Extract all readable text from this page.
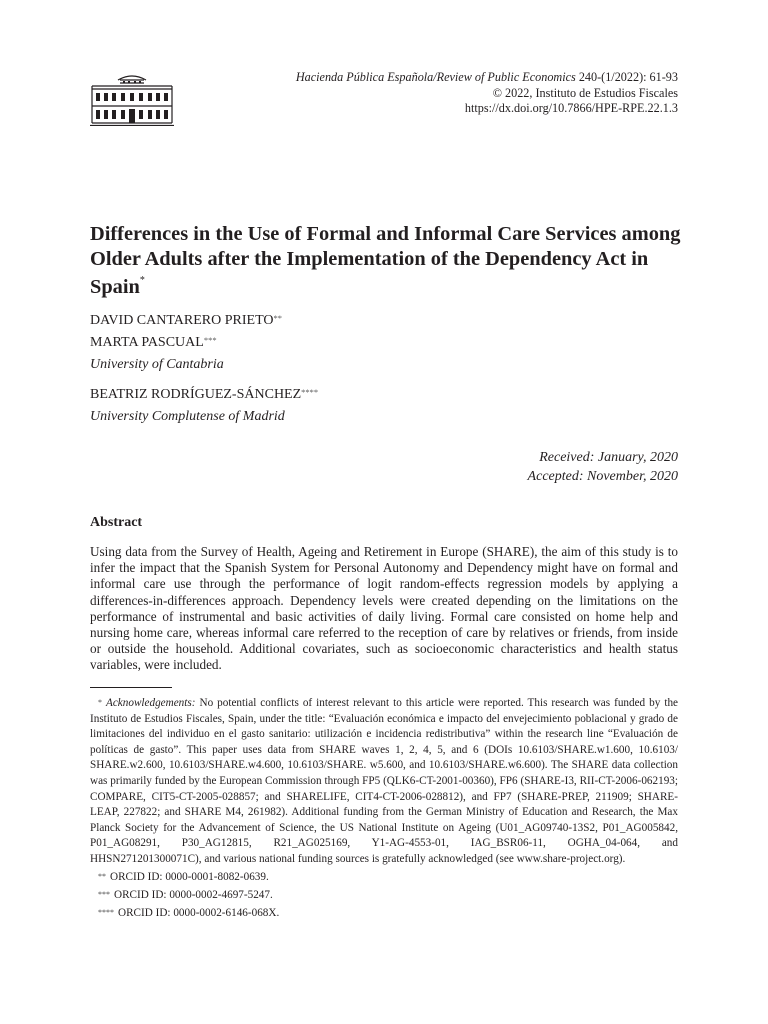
Hacienda Pública Española/Review of Public Economics 240-(1/2022): 61-93
© 2022, Instituto de Estudios Fiscales
https://dx.doi.org/10.7866/HPE-RPE.22.1.3
Differences in the Use of Formal and Informal Care Services among Older Adults after the Implementation of the Dependency Act in Spain*
DAVID CANTARERO PRIETO**
MARTA PASCUAL***
University of Cantabria
BEATRIZ RODRÍGUEZ-SÁNCHEZ****
University Complutense of Madrid
Received: January, 2020
Accepted: November, 2020
Abstract

Using data from the Survey of Health, Ageing and Retirement in Europe (SHARE), the aim of this study is to infer the impact that the Spanish System for Personal Autonomy and Dependency might have on formal and informal care use through the performance of logit random-effects regression models by applying a differences-in-differences approach. Dependency levels were created depending on the limitations on the performance of instrumental and basic activities of daily living. Formal care consisted on home help and nursing home care, whereas informal care referred to the reception of care by relatives or friends, from inside or outside the household. Additional covariates, such as socioeconomic characteristics and health status variables, were included.

* Acknowledgements: No potential conflicts of interest relevant to this article were reported. This research was funded by the Instituto de Estudios Fiscales, Spain, under the title: “Evaluación económica e impacto del envejecimiento poblacional y grado de limitaciones del individuo en el gasto sanitario: utilización e incidencia redistributiva” within the research line “Evaluación de políticas de gasto”. This paper uses data from SHARE waves 1, 2, 4, 5, and 6 (DOIs 10.6103/SHARE.w1.600, 10.6103/ SHARE.w2.600, 10.6103/SHARE.w4.600, 10.6103/SHARE. w5.600, and 10.6103/SHARE.w6.600). The SHARE data collection was primarily funded by the European Commission through FP5 (QLK6-CT-2001-00360), FP6 (SHARE-I3, RII-CT-2006-062193; COMPARE, CIT5-CT-2005-028857; and SHARELIFE, CIT4-CT-2006-028812), and FP7 (SHARE-PREP, 211909; SHARE-LEAP, 227822; and SHARE M4, 261982). Additional funding from the German Ministry of Education and Research, the Max Planck Society for the Advancement of Science, the US National Institute on Ageing (U01_AG09740-13S2, P01_AG005842, P01_AG08291, P30_AG12815, R21_AG025169, Y1-AG-4553-01, IAG_BSR06-11, OGHA_04-064, and HHSN271201300071C), and various national funding sources is gratefully acknowledged (see www.share-project.org).

** ORCID ID: 0000-0001-8082-0639.

*** ORCID ID: 0000-0002-4697-5247.

**** ORCID ID: 0000-0002-6146-068X.
